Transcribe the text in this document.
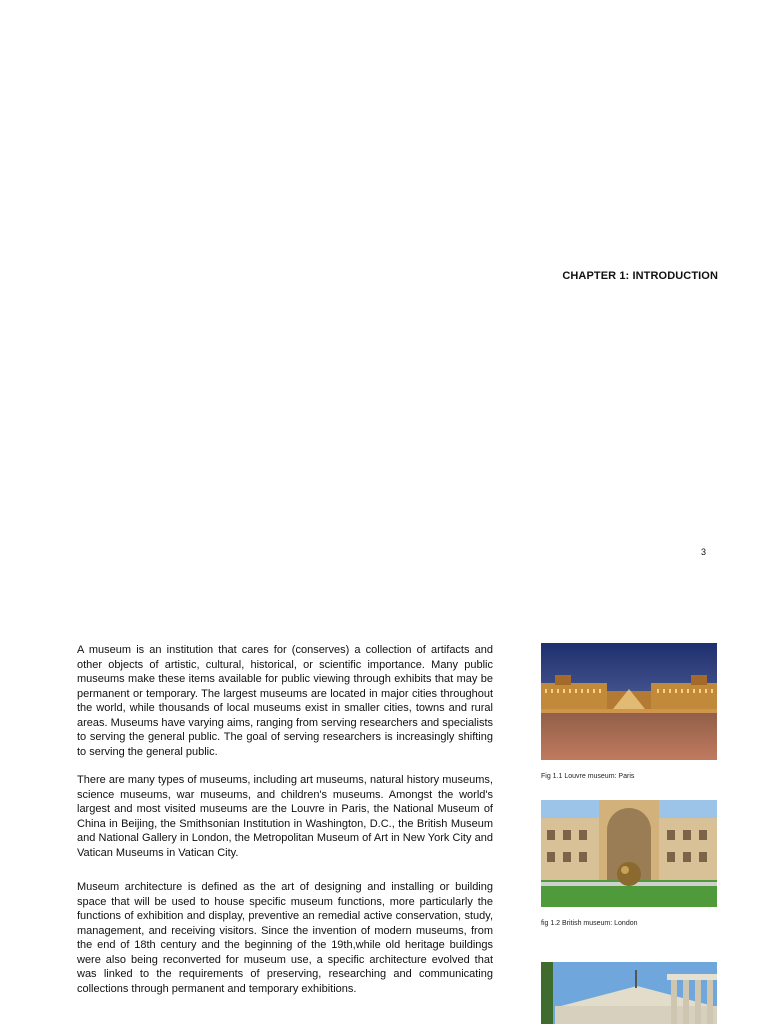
CHAPTER 1: INTRODUCTION
3

A museum is an institution that cares for (conserves) a collection of artifacts and other objects of artistic, cultural, historical, or scientific importance. Many public museums make these items available for public viewing through exhibits that may be permanent or temporary. The largest museums are located in major cities throughout the world, while thousands of local museums exist in smaller cities, towns and rural areas. Museums have varying aims, ranging from serving researchers and specialists to serving the general public. The goal of serving researchers is increasingly shifting to serving the general public.

There are many types of museums, including art museums, natural history museums, science museums, war museums, and children's museums. Amongst the world's largest and most visited museums are the Louvre in Paris, the National Museum of China in Beijing, the Smithsonian Institution in Washington, D.C., the British Museum and National Gallery in London, the Metropolitan Museum of Art in New York City and Vatican Museums in Vatican City.

Museum architecture is defined as the art of designing and installing or building space that will be used to house specific museum functions, more particularly the functions of exhibition and display, preventive an remedial active conservation, study, management, and receiving visitors. Since the invention of modern museums, from the end of 18th century and the beginning of the 19th,while old heritage buildings were also being reconverted for museum use, a specific architecture evolved that was linked to the requirements of preserving, researching and communicating collections through permanent and temporary exhibitions.

Fig 1.1 Louvre museum: Paris
fig 1.2 British museum: London
